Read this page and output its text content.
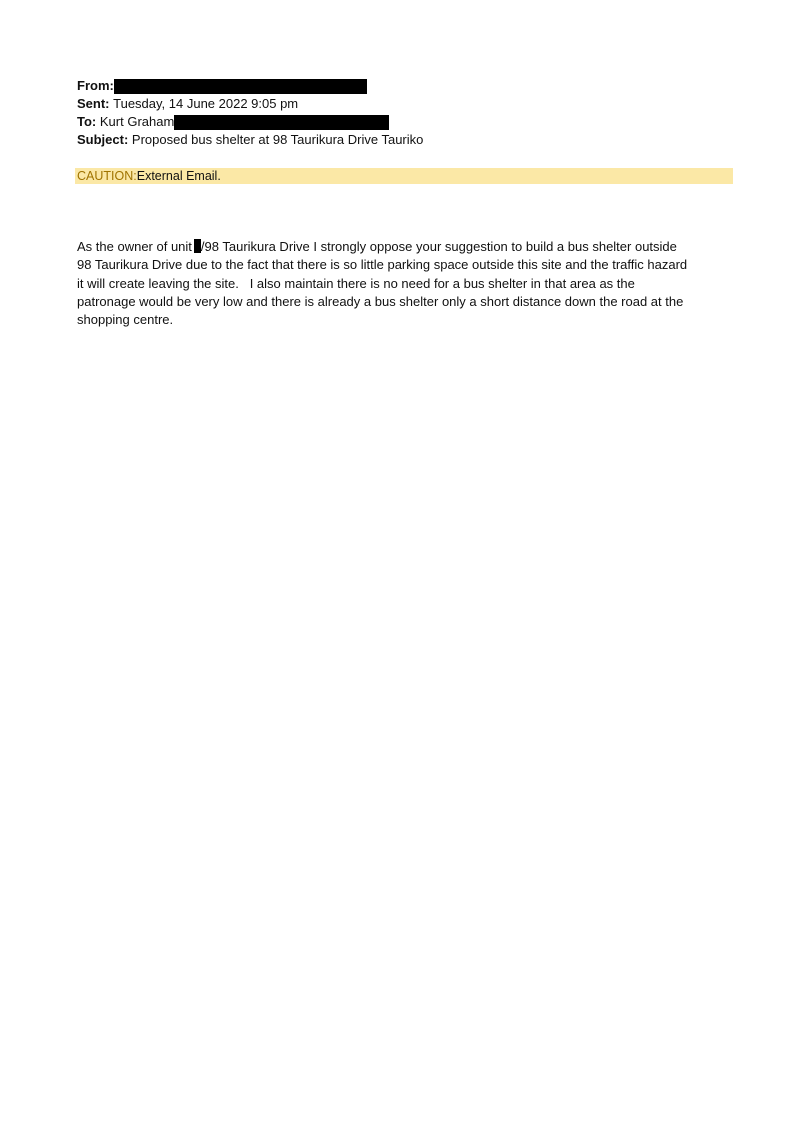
From:
Sent:
Tuesday, 14 June 2022 9:05 pm
To:
Kurt Graham
Subject:
Proposed bus shelter at 98 Taurikura Drive Tauriko
CAUTION:External Email.
As the owner of unit /98 Taurikura Drive I strongly oppose your suggestion to build a bus shelter outside
98 Taurikura Drive due to the fact that there is so little parking space outside this site and the traffic hazard
it will create leaving the site.   I also maintain there is no need for a bus shelter in that area as the
patronage would be very low and there is already a bus shelter only a short distance down the road at the
shopping centre.
